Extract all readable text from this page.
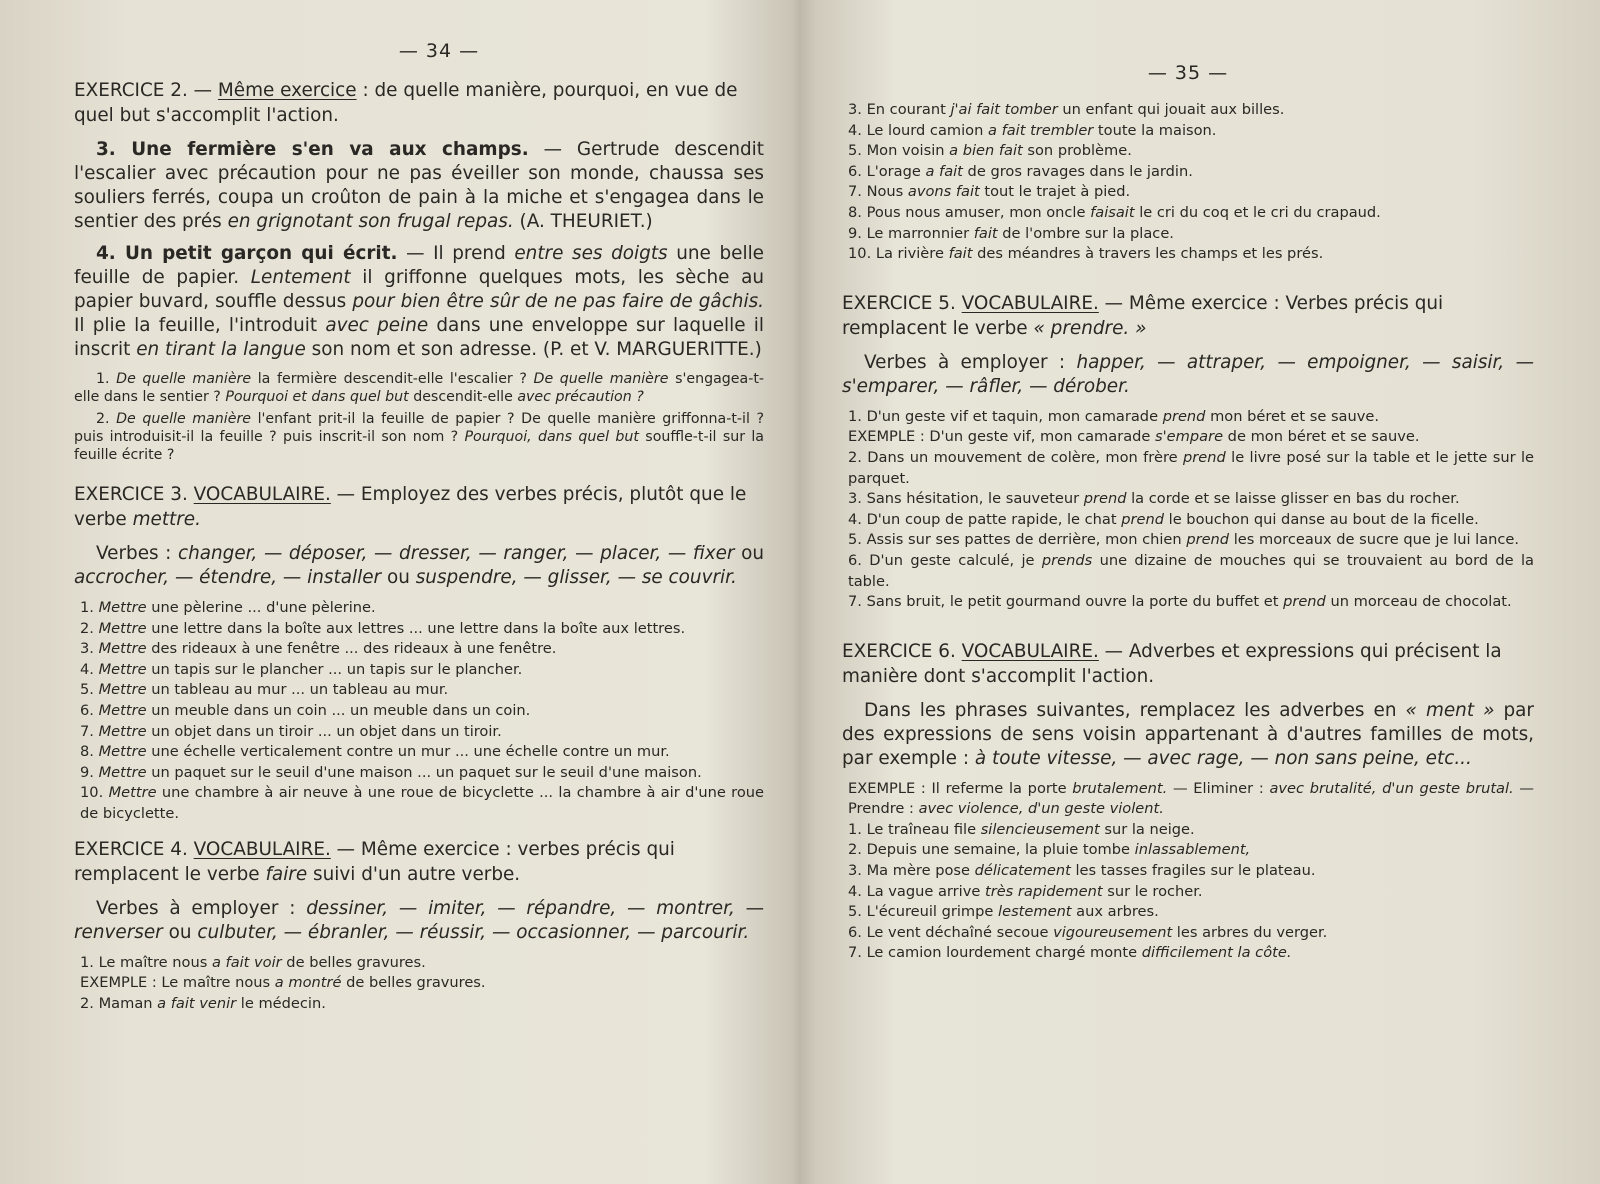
— 34 —
EXERCICE 2. — Même exercice : de quelle manière, pourquoi, en vue de quel but s'accomplit l'action.

3. Une fermière s'en va aux champs. — Gertrude descendit l'escalier avec précaution pour ne pas éveiller son monde, chaussa ses souliers ferrés, coupa un croûton de pain à la miche et s'engagea dans le sentier des prés en grignotant son frugal repas. (A. THEURIET.)

4. Un petit garçon qui écrit. — Il prend entre ses doigts une belle feuille de papier. Lentement il griffonne quelques mots, les sèche au papier buvard, souffle dessus pour bien être sûr de ne pas faire de gâchis. Il plie la feuille, l'introduit avec peine dans une enveloppe sur laquelle il inscrit en tirant la langue son nom et son adresse. (P. et V. MARGUERITTE.)

1. De quelle manière la fermière descendit-elle l'escalier ? De quelle manière s'engagea-t-elle dans le sentier ? Pourquoi et dans quel but descendit-elle avec précaution ?

2. De quelle manière l'enfant prit-il la feuille de papier ? De quelle manière griffonna-t-il ? puis introduisit-il la feuille ? puis inscrit-il son nom ? Pourquoi, dans quel but souffle-t-il sur la feuille écrite ?

EXERCICE 3. VOCABULAIRE. — Employez des verbes précis, plutôt que le verbe mettre.

Verbes : changer, — déposer, — dresser, — ranger, — placer, — fixer ou accrocher, — étendre, — installer ou suspendre, — glisser, — se couvrir.

1. Mettre une pèlerine ... d'une pèlerine.
2. Mettre une lettre dans la boîte aux lettres ... une lettre dans la boîte aux lettres.
3. Mettre des rideaux à une fenêtre ... des rideaux à une fenêtre.
4. Mettre un tapis sur le plancher ... un tapis sur le plancher.
5. Mettre un tableau au mur ... un tableau au mur.
6. Mettre un meuble dans un coin ... un meuble dans un coin.
7. Mettre un objet dans un tiroir ... un objet dans un tiroir.
8. Mettre une échelle verticalement contre un mur ... une échelle contre un mur.
9. Mettre un paquet sur le seuil d'une maison ... un paquet sur le seuil d'une maison.
10. Mettre une chambre à air neuve à une roue de bicyclette ... la chambre à air d'une roue de bicyclette.
EXERCICE 4. VOCABULAIRE. — Même exercice : verbes précis qui remplacent le verbe faire suivi d'un autre verbe.

Verbes à employer : dessiner, — imiter, — répandre, — montrer, — renverser ou culbuter, — ébranler, — réussir, — occasionner, — parcourir.

1. Le maître nous a fait voir de belles gravures.
EXEMPLE : Le maître nous a montré de belles gravures.
2. Maman a fait venir le médecin.
— 35 —
3. En courant j'ai fait tomber un enfant qui jouait aux billes.
4. Le lourd camion a fait trembler toute la maison.
5. Mon voisin a bien fait son problème.
6. L'orage a fait de gros ravages dans le jardin.
7. Nous avons fait tout le trajet à pied.
8. Pous nous amuser, mon oncle faisait le cri du coq et le cri du crapaud.
9. Le marronnier fait de l'ombre sur la place.
10. La rivière fait des méandres à travers les champs et les prés.
EXERCICE 5. VOCABULAIRE. — Même exercice : Verbes précis qui remplacent le verbe « prendre. »

Verbes à employer : happer, — attraper, — empoigner, — saisir, — s'emparer, — râfler, — dérober.

1. D'un geste vif et taquin, mon camarade prend mon béret et se sauve.
EXEMPLE : D'un geste vif, mon camarade s'empare de mon béret et se sauve.
2. Dans un mouvement de colère, mon frère prend le livre posé sur la table et le jette sur le parquet.
3. Sans hésitation, le sauveteur prend la corde et se laisse glisser en bas du rocher.
4. D'un coup de patte rapide, le chat prend le bouchon qui danse au bout de la ficelle.
5. Assis sur ses pattes de derrière, mon chien prend les morceaux de sucre que je lui lance.
6. D'un geste calculé, je prends une dizaine de mouches qui se trouvaient au bord de la table.
7. Sans bruit, le petit gourmand ouvre la porte du buffet et prend un morceau de chocolat.
EXERCICE 6. VOCABULAIRE. — Adverbes et expressions qui précisent la manière dont s'accomplit l'action.

Dans les phrases suivantes, remplacez les adverbes en « ment » par des expressions de sens voisin appartenant à d'autres familles de mots, par exemple : à toute vitesse, — avec rage, — non sans peine, etc...

EXEMPLE : Il referme la porte brutalement. — Eliminer : avec brutalité, d'un geste brutal. — Prendre : avec violence, d'un geste violent.
1. Le traîneau file silencieusement sur la neige.
2. Depuis une semaine, la pluie tombe inlassablement,
3. Ma mère pose délicatement les tasses fragiles sur le plateau.
4. La vague arrive très rapidement sur le rocher.
5. L'écureuil grimpe lestement aux arbres.
6. Le vent déchaîné secoue vigoureusement les arbres du verger.
7. Le camion lourdement chargé monte difficilement la côte.
